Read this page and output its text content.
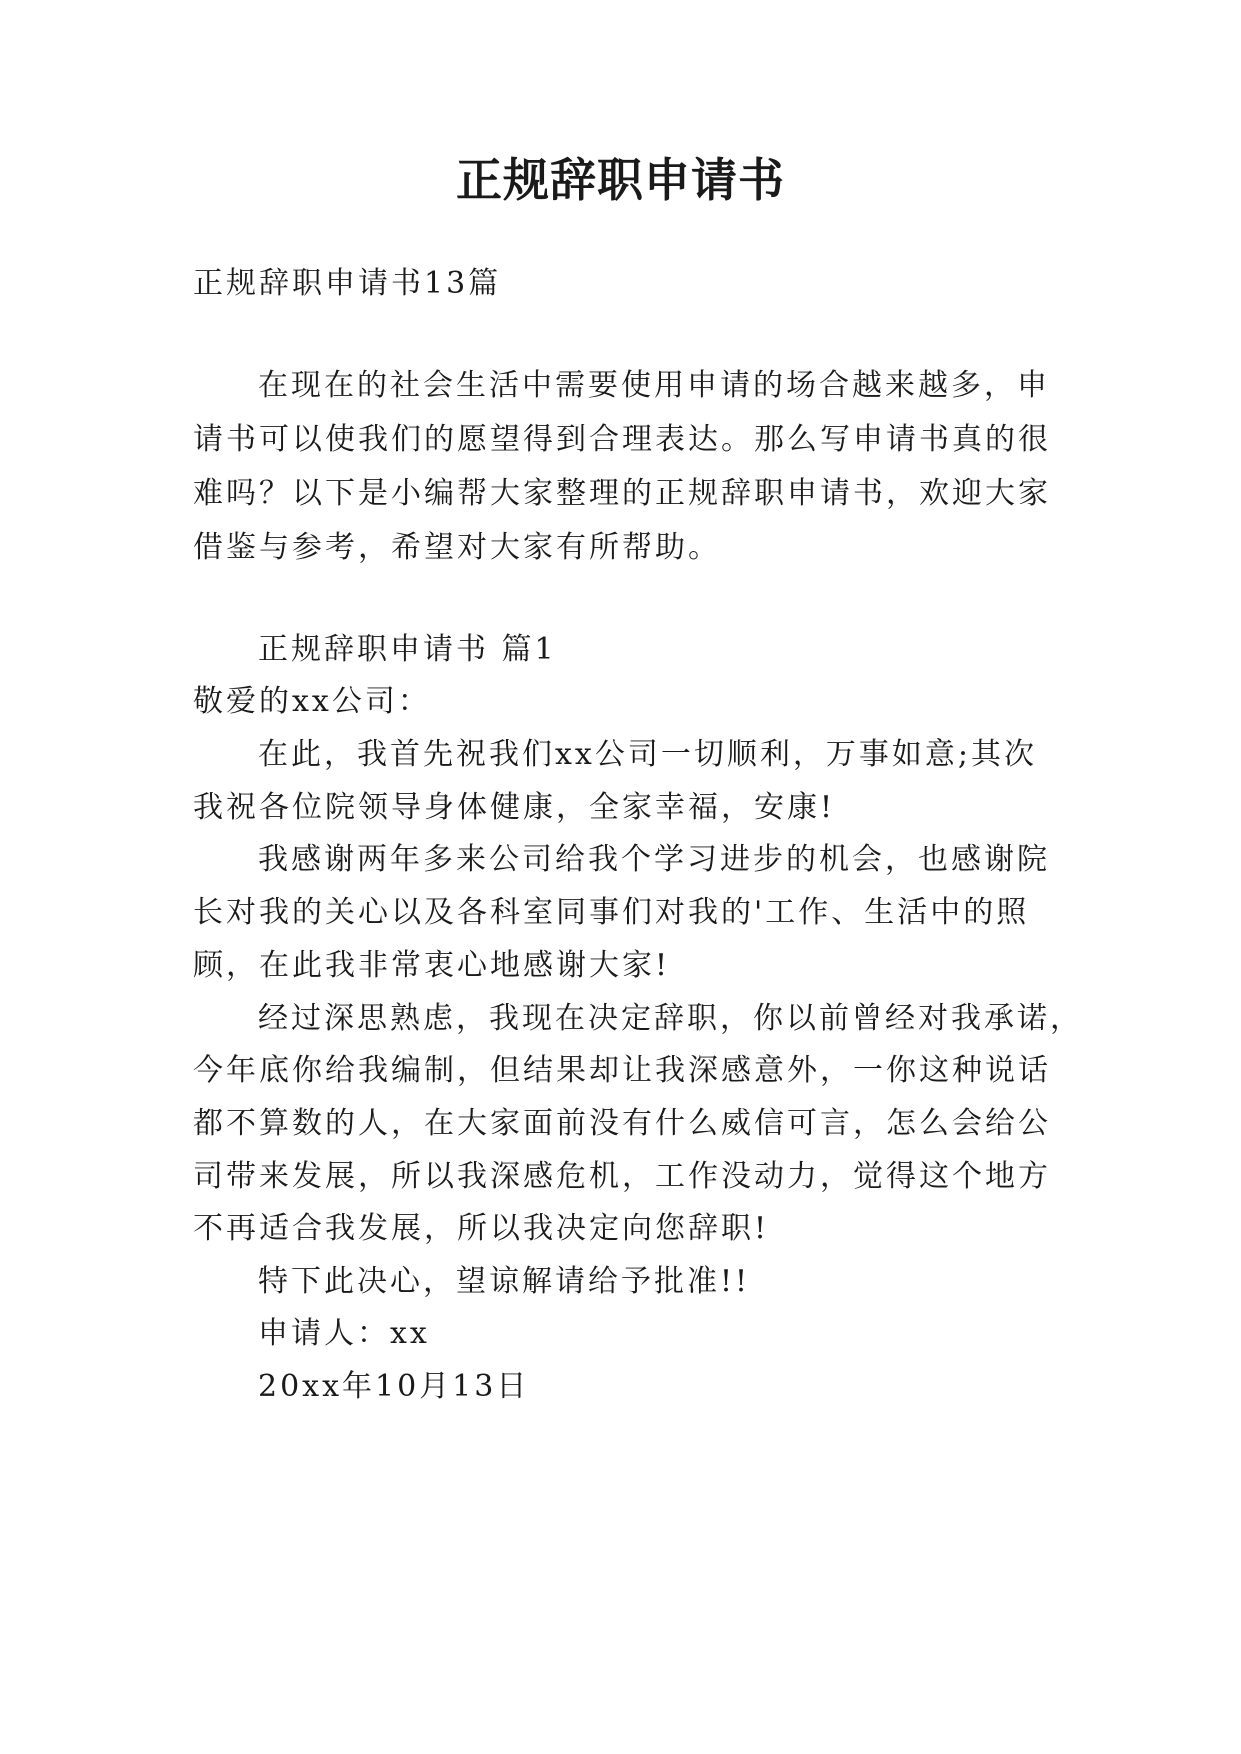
正规辞职申请书
正规辞职申请书13篇
在现在的社会生活中需要使用申请的场合越来越多，申
请书可以使我们的愿望得到合理表达。那么写申请书真的很
难吗？以下是小编帮大家整理的正规辞职申请书，欢迎大家
借鉴与参考，希望对大家有所帮助。
正规辞职申请书 篇1
敬爱的xx公司：
在此，我首先祝我们xx公司一切顺利，万事如意;其次
我祝各位院领导身体健康，全家幸福，安康!
我感谢两年多来公司给我个学习进步的机会，也感谢院
长对我的关心以及各科室同事们对我的'工作、生活中的照
顾，在此我非常衷心地感谢大家!
经过深思熟虑，我现在决定辞职，你以前曾经对我承诺，
今年底你给我编制，但结果却让我深感意外，一你这种说话
都不算数的人，在大家面前没有什么威信可言，怎么会给公
司带来发展，所以我深感危机，工作没动力，觉得这个地方
不再适合我发展，所以我决定向您辞职!
特下此决心，望谅解请给予批准!!
申请人：xx
20xx年10月13日
